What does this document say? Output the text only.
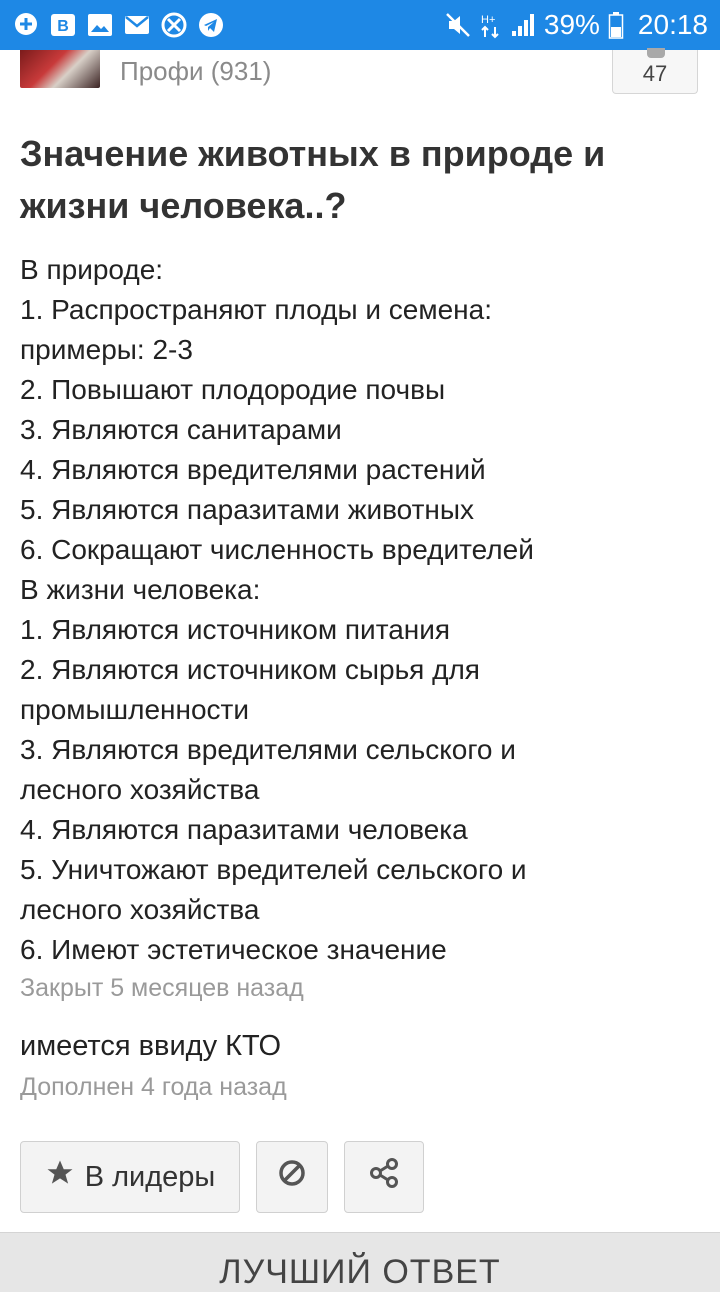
В	H+ 39% 20:18
Профи (931)	47
Значение животных в природе и жизни человека..?
В природе:
1. Распространяют плоды и семена:
примеры: 2-3
2. Повышают плодородие почвы
3. Являются санитарами
4. Являются вредителями растений
5. Являются паразитами животных
6. Сокращают численность вредителей
В жизни человека:
1. Являются источником питания
2. Являются источником сырья для
промышленности
3. Являются вредителями сельского и
лесного хозяйства
4. Являются паразитами человека
5. Уничтожают вредителей сельского и
лесного хозяйства
6. Имеют эстетическое значение
Закрыт 5 месяцев назад
имеется ввиду КТО
Дополнен 4 года назад
В лидеры
ЛУЧШИЙ ОТВЕТ
